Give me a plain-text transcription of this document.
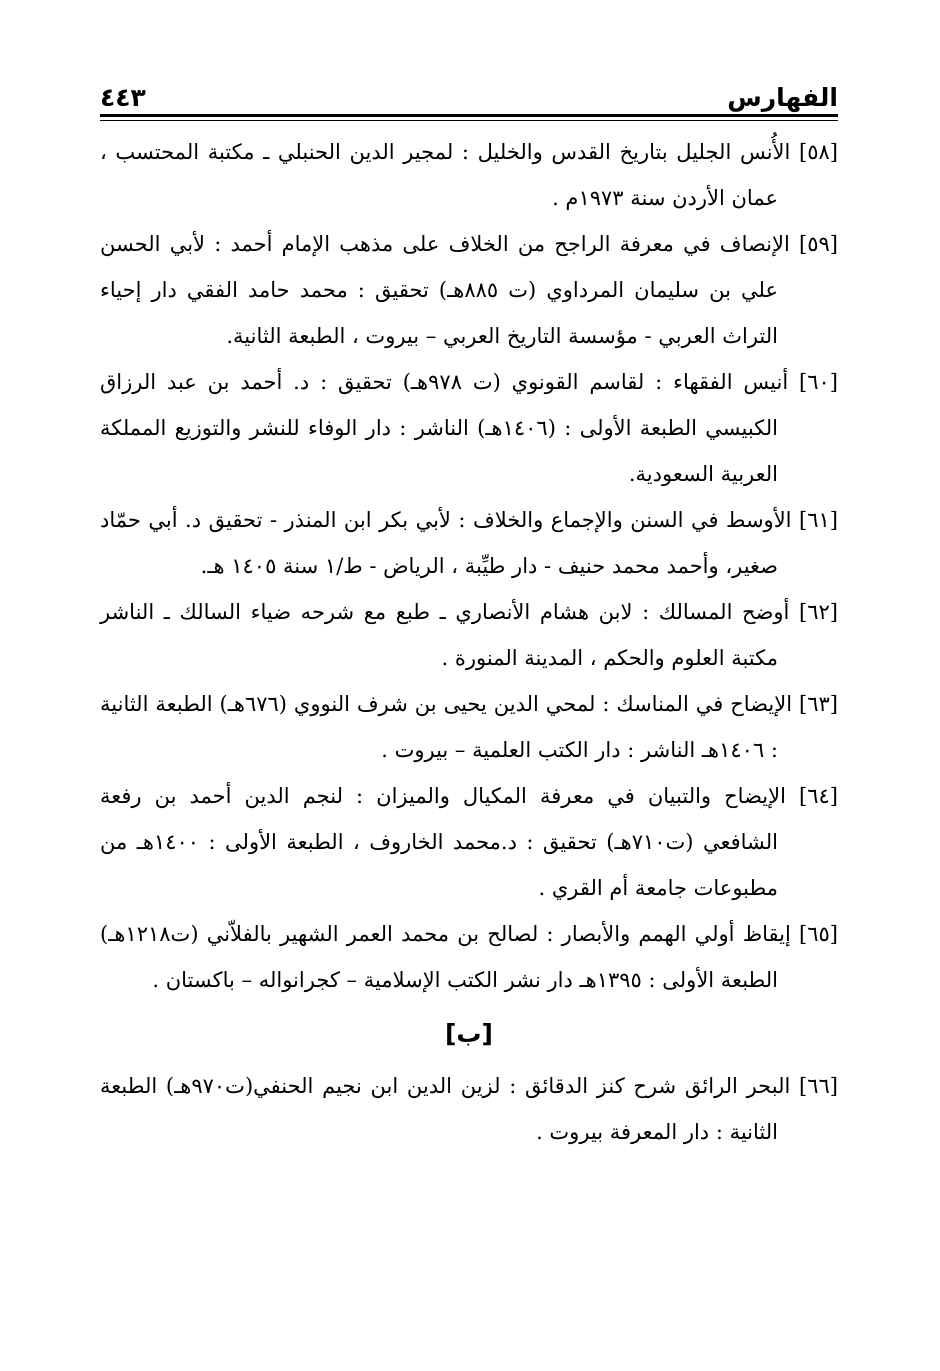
الفهارس
٤٤٣
[٥٨] الأُنس الجليل بتاريخ القدس والخليل : لمجير الدين الحنبلي ـ مكتبة المحتسب ، عمان الأردن سنة ١٩٧٣م .
[٥٩] الإنصاف في معرفة الراجح من الخلاف على مذهب الإمام أحمد : لأبي الحسن علي بن سليمان المرداوي (ت ٨٨٥هـ) تحقيق : محمد حامد الفقي دار إحياء التراث العربي - مؤسسة التاريخ العربي – بيروت ، الطبعة الثانية.
[٦٠] أنيس الفقهاء : لقاسم القونوي (ت ٩٧٨هـ) تحقيق : د. أحمد بن عبد الرزاق الكبيسي الطبعة الأولى : (١٤٠٦هـ) الناشر : دار الوفاء للنشر والتوزيع المملكة العربية السعودية.
[٦١] الأوسط في السنن والإجماع والخلاف : لأبي بكر ابن المنذر - تحقيق د. أبي حمّاد صغير، وأحمد محمد حنيف - دار طيِّبة ، الرياض - ط/١ سنة ١٤٠٥ هـ.
[٦٢] أوضح المسالك : لابن هشام الأنصاري ـ طبع مع شرحه ضياء السالك ـ الناشر مكتبة العلوم والحكم ، المدينة المنورة .
[٦٣] الإيضاح في المناسك : لمحي الدين يحيى بن شرف النووي (٦٧٦هـ) الطبعة الثانية : ١٤٠٦هـ الناشر : دار الكتب العلمية – بيروت .
[٦٤] الإيضاح والتبيان في معرفة المكيال والميزان : لنجم الدين أحمد بن رفعة الشافعي (ت٧١٠هـ) تحقيق : د.محمد الخاروف ، الطبعة الأولى : ١٤٠٠هـ من مطبوعات جامعة أم القري .
[٦٥] إيقاظ أولي الهمم والأبصار : لصالح بن محمد العمر الشهير بالفلاّني (ت١٢١٨هـ) الطبعة الأولى : ١٣٩٥هـ دار نشر الكتب الإسلامية – كجرانواله – باكستان .
[ب]
[٦٦] البحر الرائق شرح كنز الدقائق : لزين الدين ابن نجيم الحنفي(ت٩٧٠هـ) الطبعة الثانية : دار المعرفة بيروت .
